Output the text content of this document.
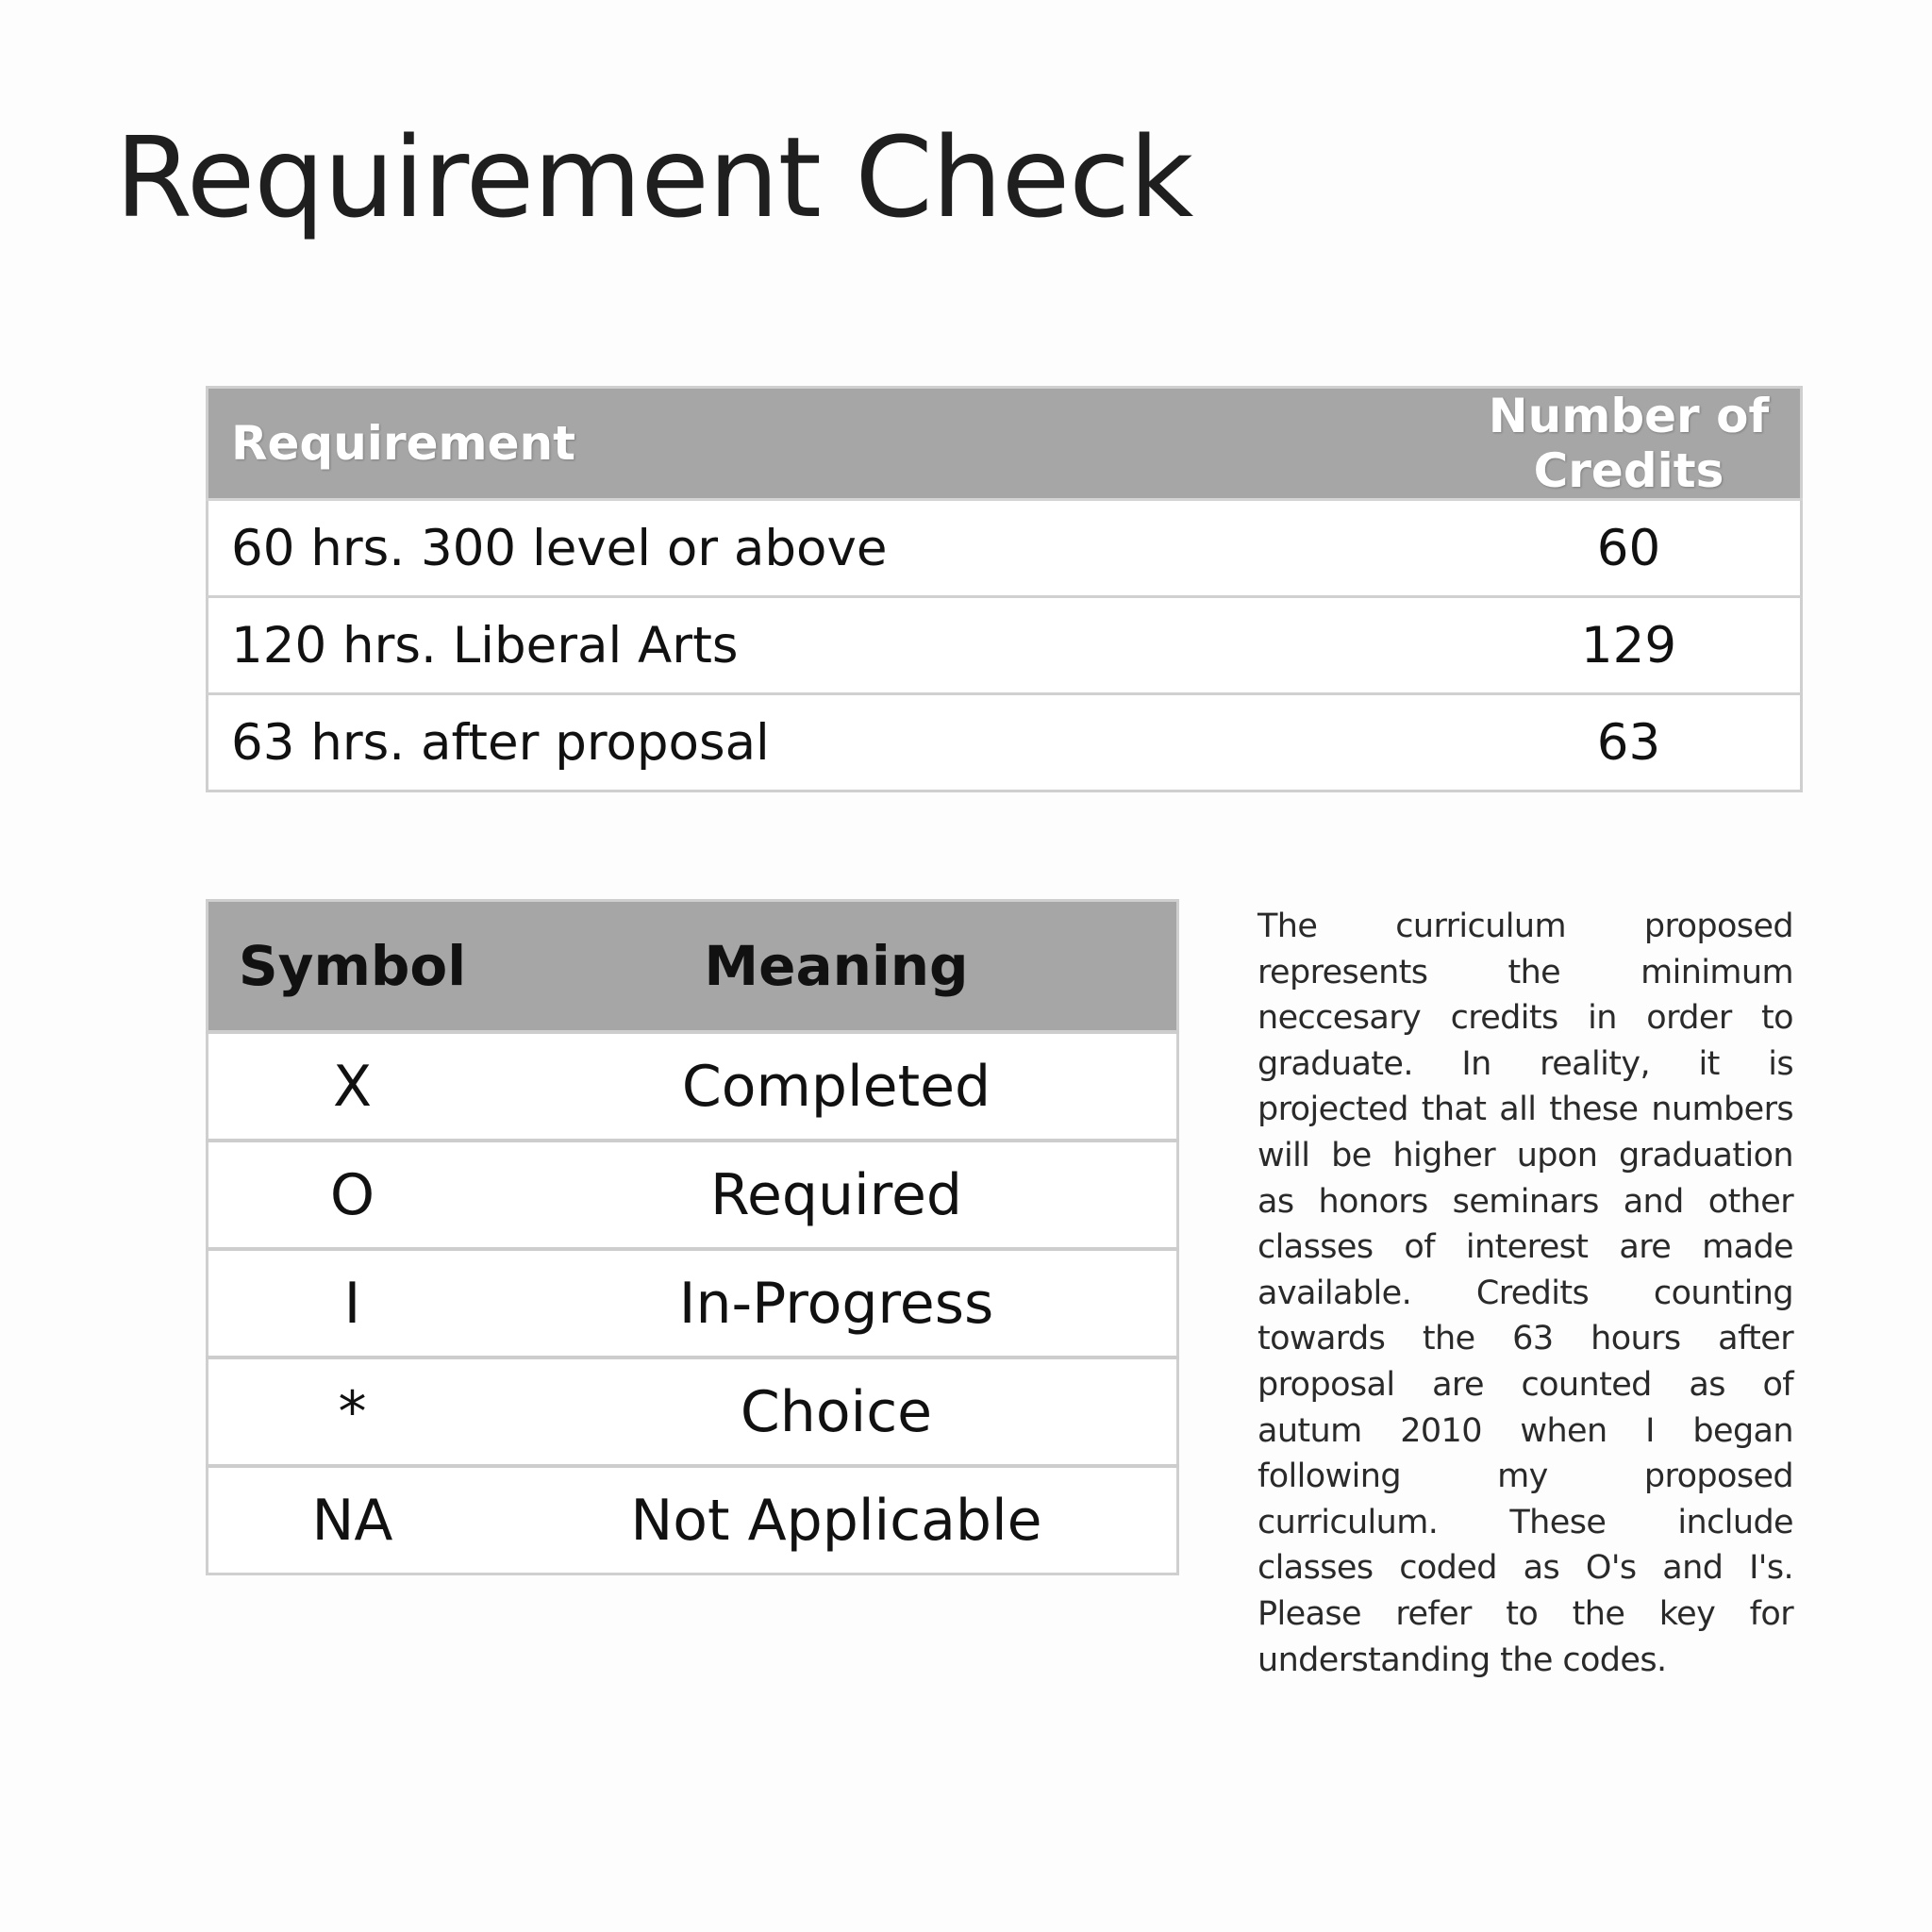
Requirement Check
Requirement	Number of Credits
60 hrs. 300 level or above	60
120 hrs. Liberal Arts	129
63 hrs. after proposal	63
Symbol	Meaning
X	Completed
O	Required
I	In-Progress
*	Choice
NA	Not Applicable

The curriculum proposed represents the minimum neccesary credits in order to graduate. In reality, it is projected that all these numbers will be higher upon graduation as honors seminars and other classes of interest are made available. Credits counting towards the 63 hours after proposal are counted as of autum 2010 when I began following my proposed curriculum. These include classes coded as O's and I's. Please refer to the key for understanding the codes.
